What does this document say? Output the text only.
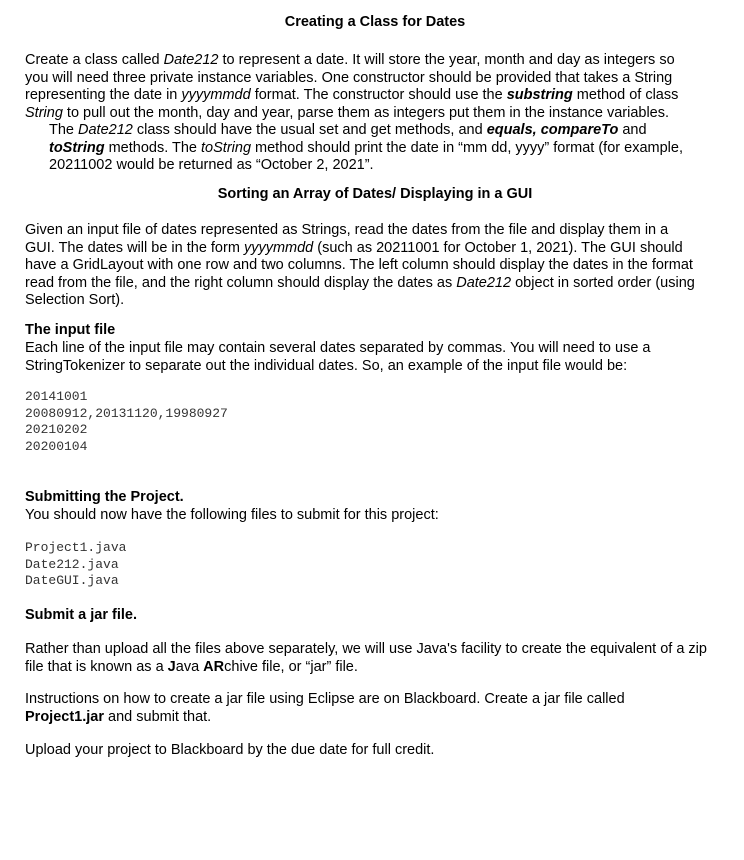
Creating a Class for Dates

Create a class called Date212 to represent a date. It will store the year, month and day as integers so you will need three private instance variables. One constructor should be provided that takes a String representing the date in yyyymmdd format. The constructor should use the substring method of class String to pull out the month, day and year, parse them as integers put them in the instance variables.

The Date212 class should have the usual set and get methods, and equals, compareTo and toString methods. The toString method should print the date in “mm dd, yyyy” format (for example, 20211002 would be returned as “October 2, 2021”.

Sorting an Array of Dates/ Displaying in a GUI

Given an input file of dates represented as Strings, read the dates from the file and display them in a GUI. The dates will be in the form yyyymmdd (such as 20211001 for October 1, 2021). The GUI should have a GridLayout with one row and two columns. The left column should display the dates in the format read from the file, and the right column should display the dates as Date212 object in sorted order (using Selection Sort).

The input file

Each line of the input file may contain several dates separated by commas. You will need to use a StringTokenizer to separate out the individual dates. So, an example of the input file would be:

20141001

20080912,20131120,19980927

20210202

20200104

Submitting the Project.

You should now have the following files to submit for this project:

Project1.java

Date212.java

DateGUI.java

Submit a jar file.

Rather than upload all the files above separately, we will use Java's facility to create the equivalent of a zip file that is known as a Java ARchive file, or “jar” file.

Instructions on how to create a jar file using Eclipse are on Blackboard. Create a jar file called Project1.jar and submit that.

Upload your project to Blackboard by the due date for full credit.
